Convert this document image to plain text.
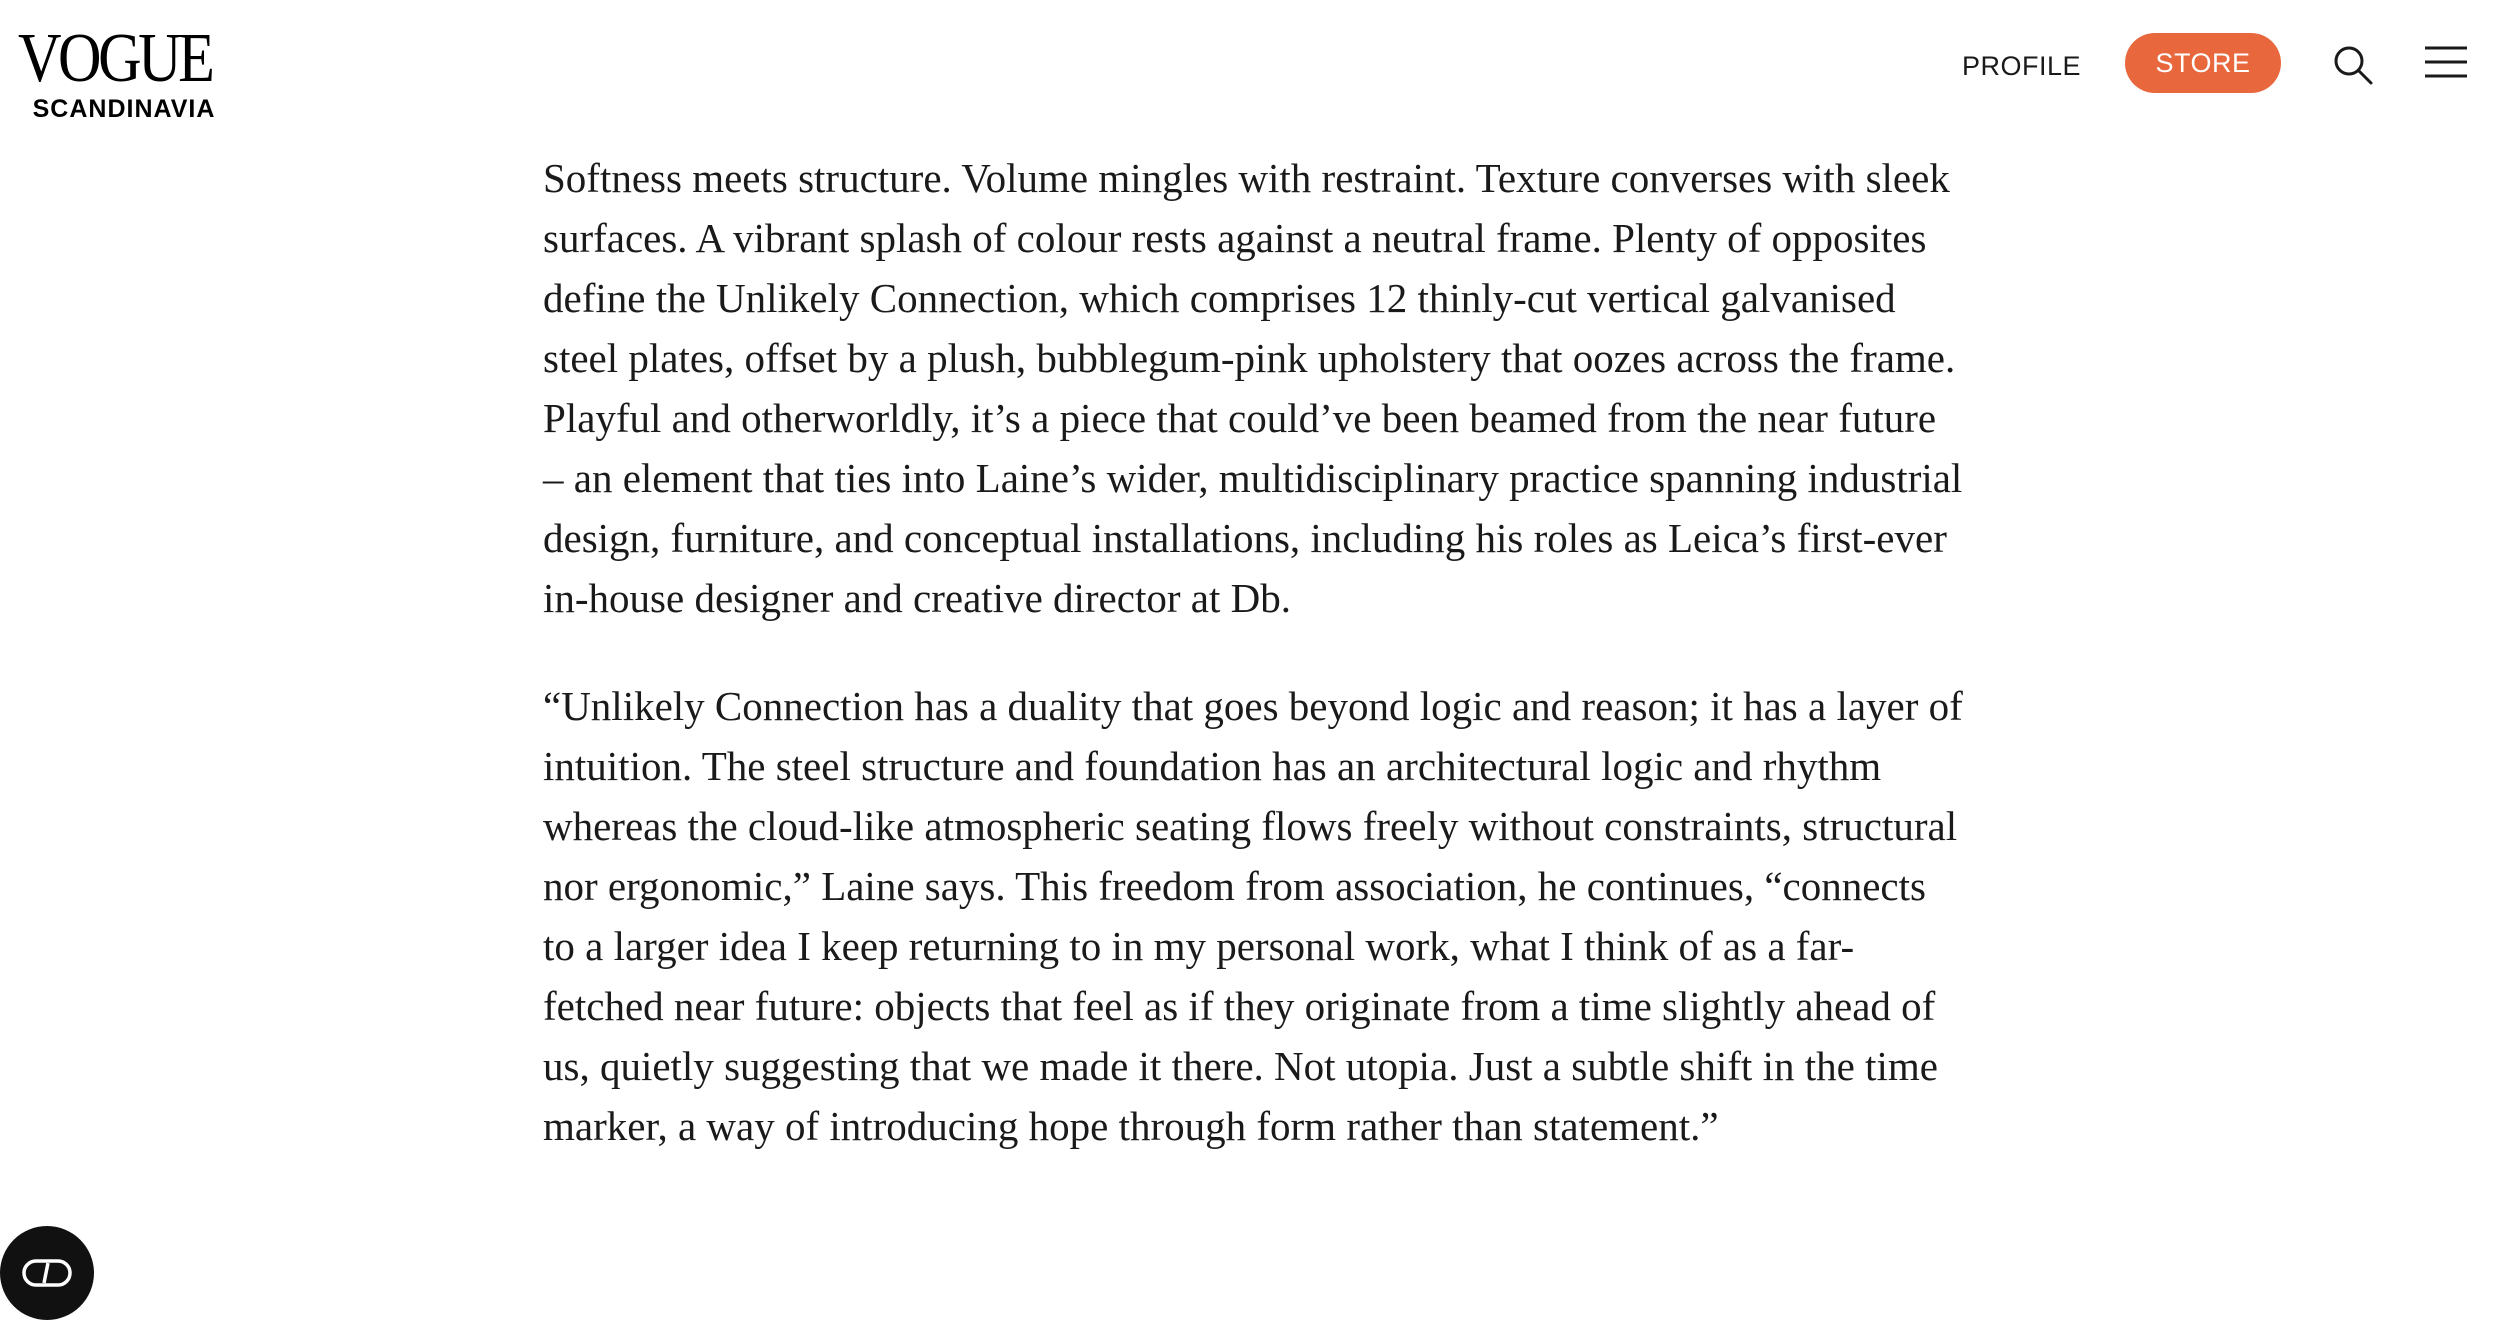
VOGUE
SCANDINAVIA
PROFILE	STORE

Softness meets structure. Volume mingles with restraint. Texture converses with sleek surfaces. A vibrant splash of colour rests against a neutral frame. Plenty of opposites define the Unlikely Connection, which comprises 12 thinly-cut vertical galvanised steel plates, offset by a plush, bubblegum-pink upholstery that oozes across the frame. Playful and otherworldly, it’s a piece that could’ve been beamed from the near future – an element that ties into Laine’s wider, multidisciplinary practice spanning industrial design, furniture, and conceptual installations, including his roles as Leica’s first-ever in-house designer and creative director at Db.

“Unlikely Connection has a duality that goes beyond logic and reason; it has a layer of intuition. The steel structure and foundation has an architectural logic and rhythm whereas the cloud-like atmospheric seating flows freely without constraints, structural nor ergonomic,” Laine says. This freedom from association, he continues, “connects to a larger idea I keep returning to in my personal work, what I think of as a far-fetched near future: objects that feel as if they originate from a time slightly ahead of us, quietly suggesting that we made it there. Not utopia. Just a subtle shift in the time marker, a way of introducing hope through form rather than statement.”
